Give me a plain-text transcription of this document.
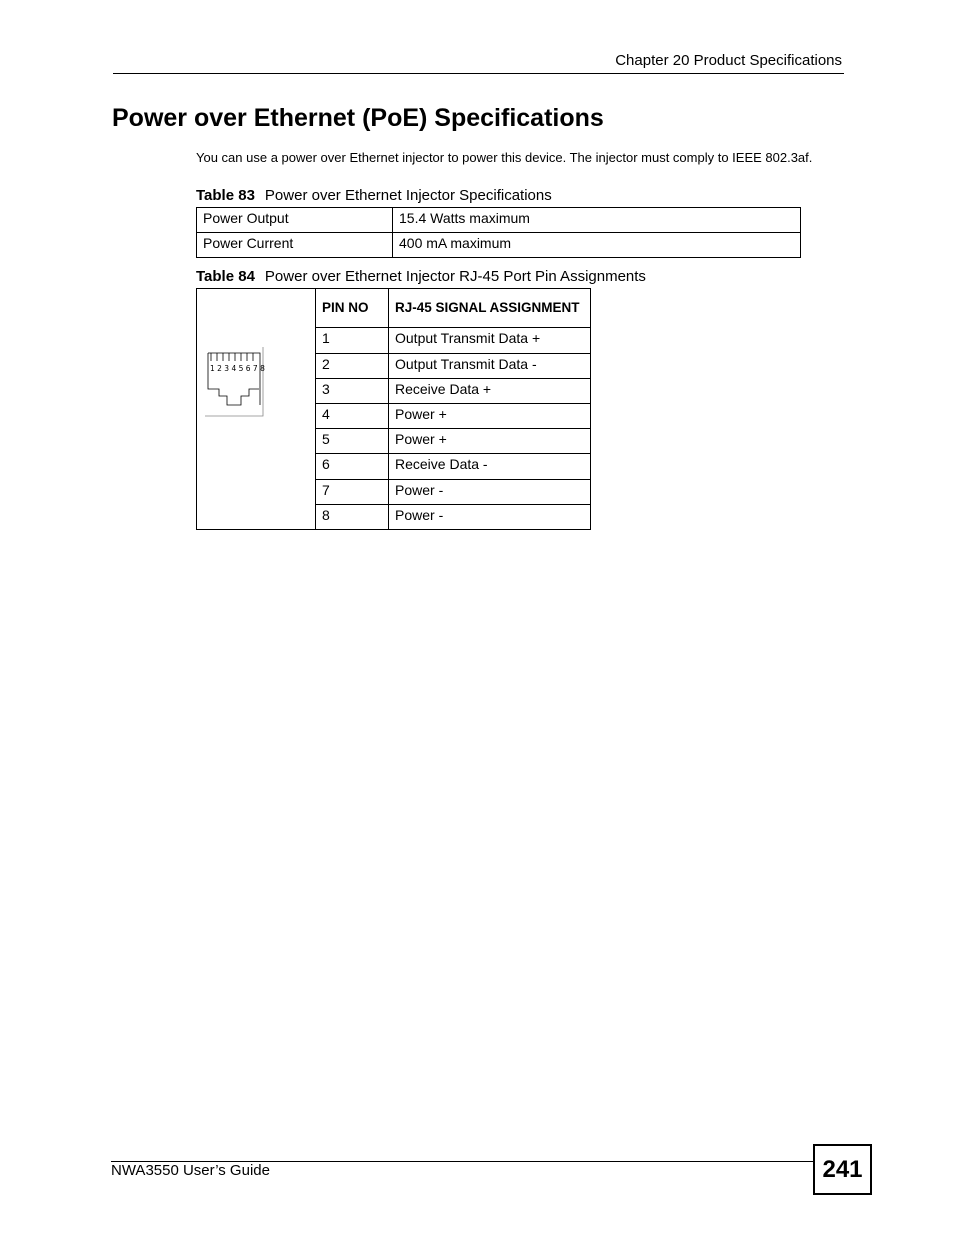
Chapter 20 Product Specifications
Power over Ethernet (PoE) Specifications

You can use a power over Ethernet injector to power this device. The injector must comply to IEEE 802.3af.

Table 83 Power over Ethernet Injector Specifications
Power Output	15.4 Watts maximum
Power Current	400 mA maximum
Table 84 Power over Ethernet Injector RJ-45 Port Pin Assignments
1 2 3 4 5 6 7 8	PIN NO	RJ-45 SIGNAL ASSIGNMENT
	1	Output Transmit Data +
	2	Output Transmit Data -
	3	Receive Data +
	4	Power +
	5	Power +
	6	Receive Data -
	7	Power -
	8	Power -
NWA3550 User’s Guide	241
